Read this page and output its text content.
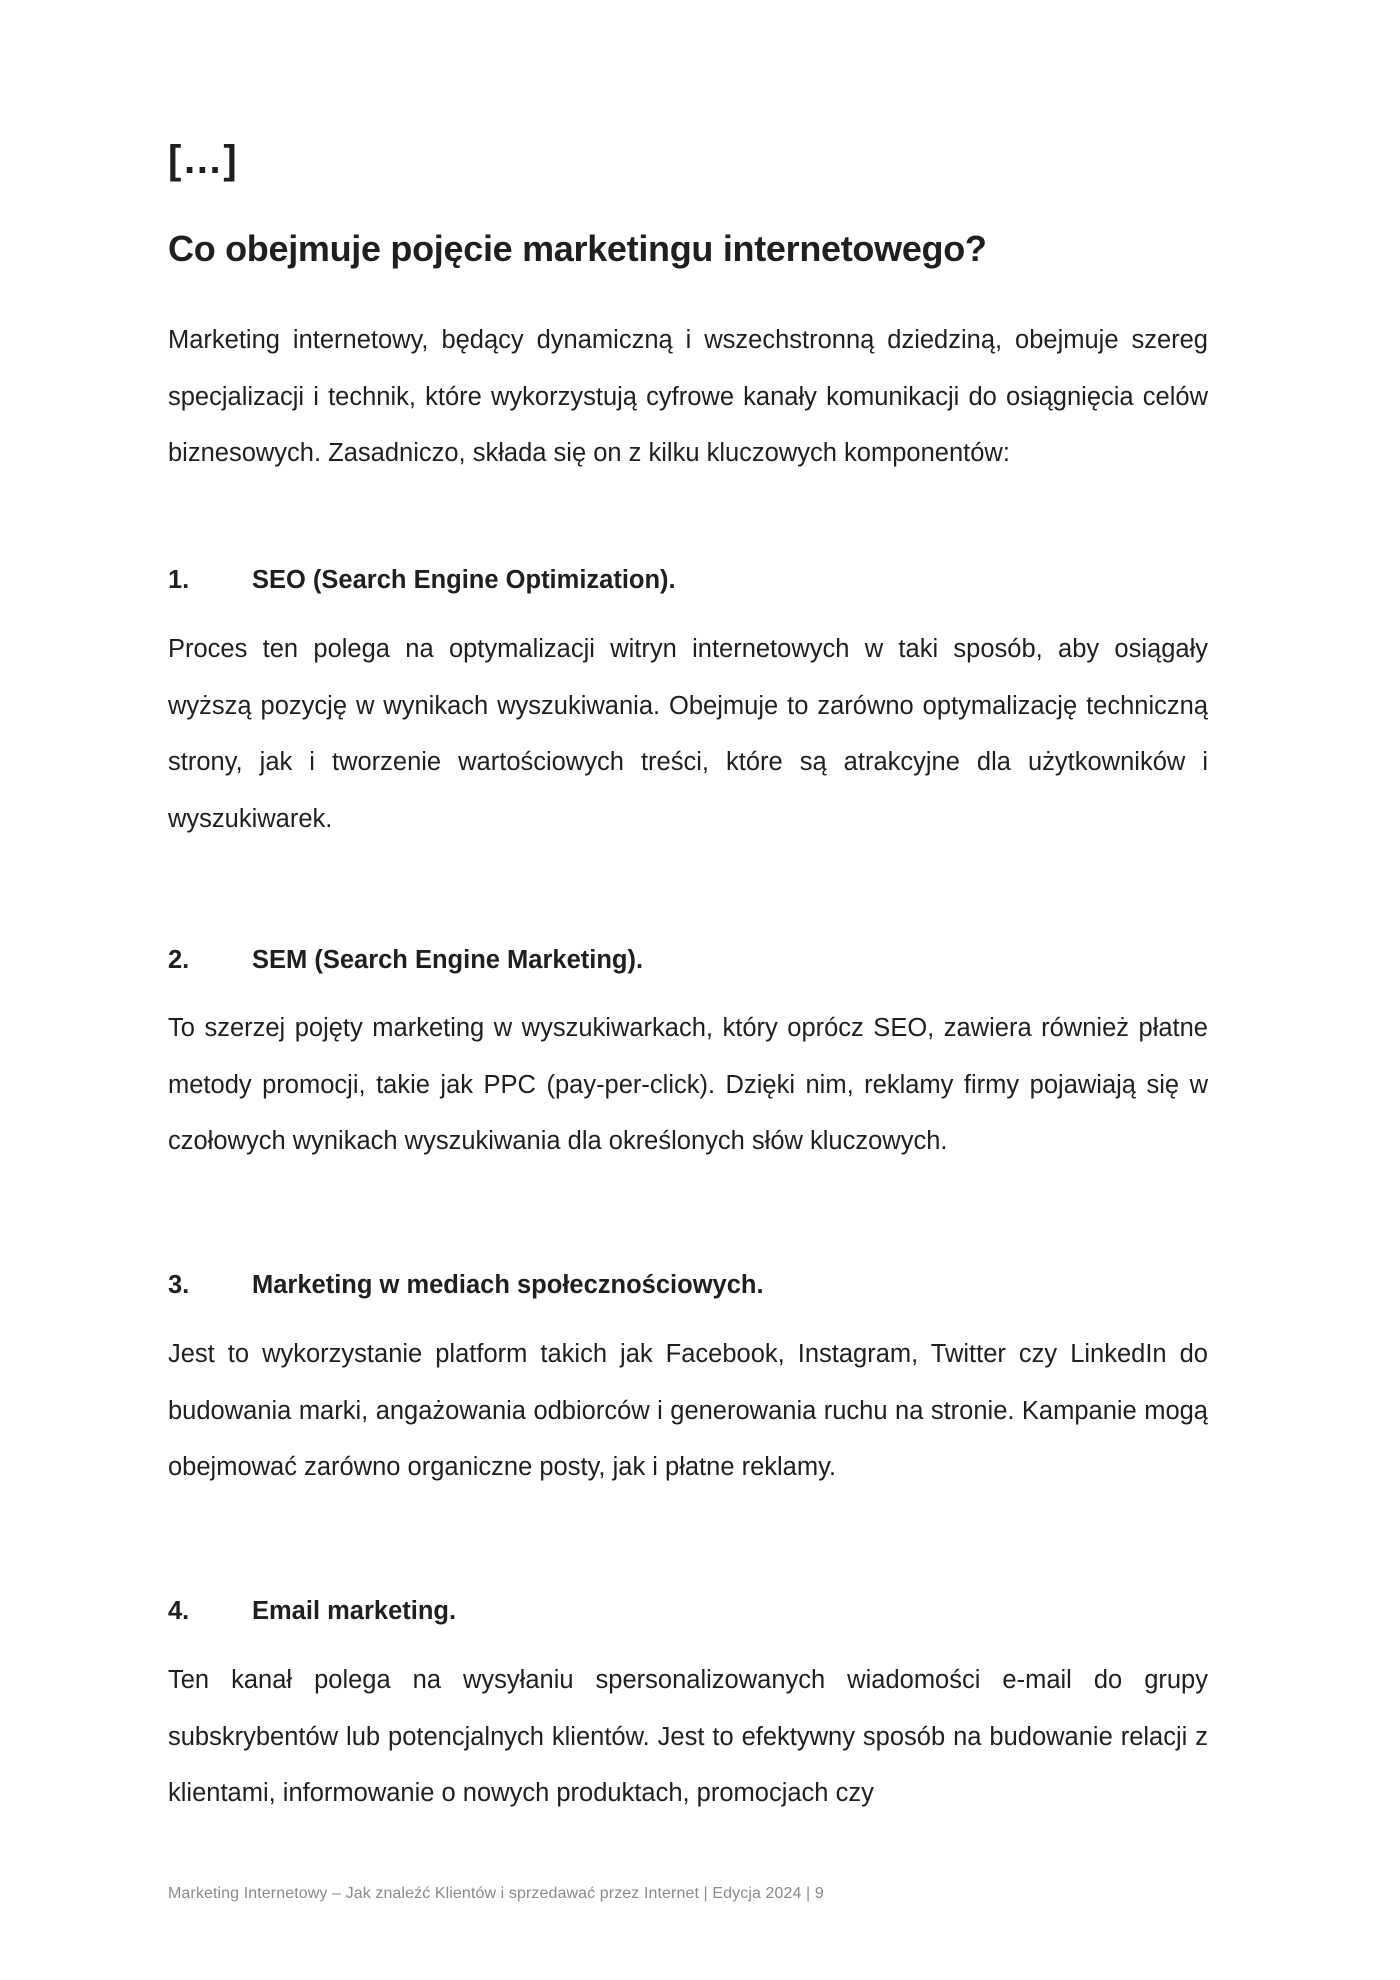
[…]
Co obejmuje pojęcie marketingu internetowego?

Marketing internetowy, będący dynamiczną i wszechstronną dziedziną, obejmuje szereg specjalizacji i technik, które wykorzystują cyfrowe kanały komunikacji do osiągnięcia celów biznesowych. Zasadniczo, składa się on z kilku kluczowych komponentów:

1. SEO (Search Engine Optimization).

Proces ten polega na optymalizacji witryn internetowych w taki sposób, aby osiągały wyższą pozycję w wynikach wyszukiwania. Obejmuje to zarówno optymalizację techniczną strony, jak i tworzenie wartościowych treści, które są atrakcyjne dla użytkowników i wyszukiwarek.

2. SEM (Search Engine Marketing).

To szerzej pojęty marketing w wyszukiwarkach, który oprócz SEO, zawiera również płatne metody promocji, takie jak PPC (pay-per-click). Dzięki nim, reklamy firmy pojawiają się w czołowych wynikach wyszukiwania dla określonych słów kluczowych.

3. Marketing w mediach społecznościowych.

Jest to wykorzystanie platform takich jak Facebook, Instagram, Twitter czy LinkedIn do budowania marki, angażowania odbiorców i generowania ruchu na stronie. Kampanie mogą obejmować zarówno organiczne posty, jak i płatne reklamy.

4. Email marketing.

Ten kanał polega na wysyłaniu spersonalizowanych wiadomości e-mail do grupy subskrybentów lub potencjalnych klientów. Jest to efektywny sposób na budowanie relacji z klientami, informowanie o nowych produktach, promocjach czy

Marketing Internetowy – Jak znaleźć Klientów i sprzedawać przez Internet | Edycja 2024 | 9
